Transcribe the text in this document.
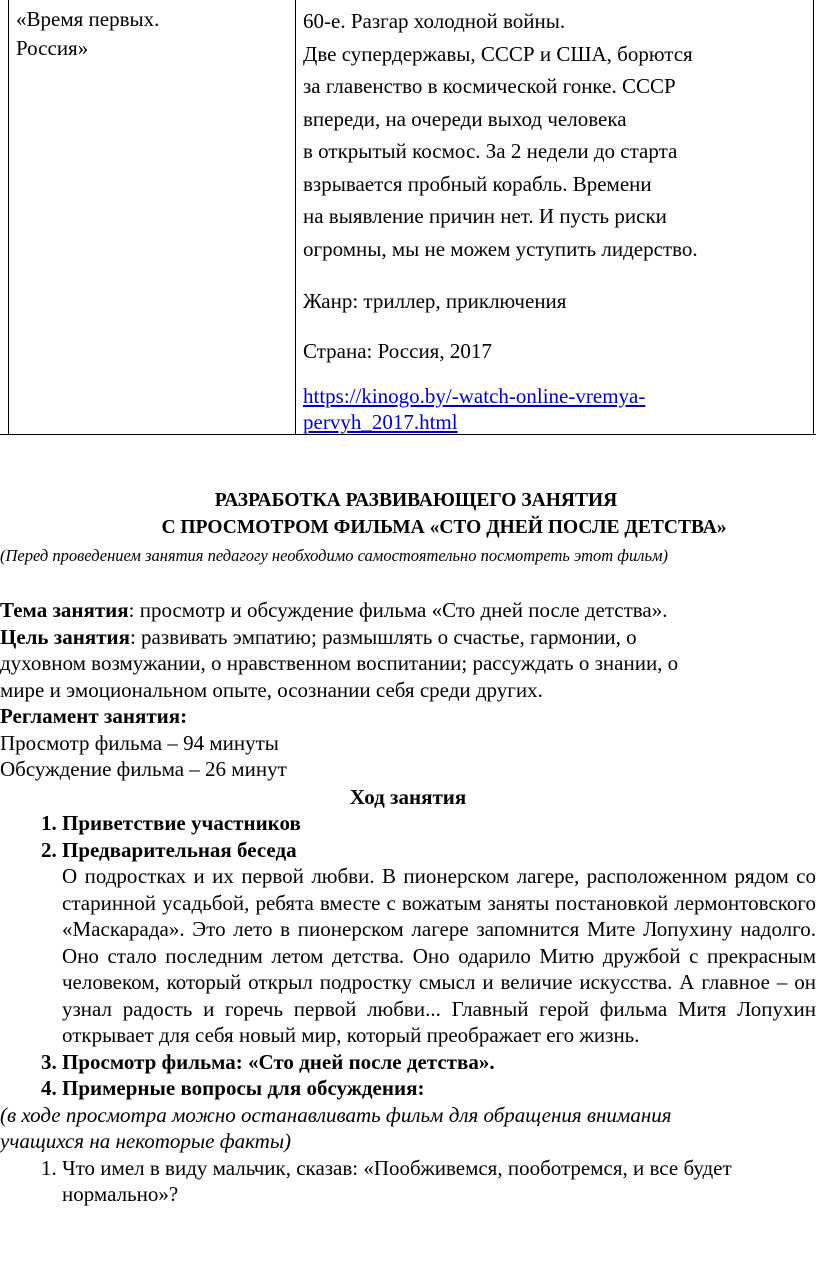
«Время первых.
Россия»
60-е. Разгар холодной войны.
Две супердержавы, СССР и США, борются
за главенство в космической гонке. СССР
впереди, на очереди выход человека
в открытый космос. За 2 недели до старта
взрывается пробный корабль. Времени
на выявление причин нет. И пусть риски
огромны, мы не можем уступить лидерство.
Жанр: триллер, приключения
Страна: Россия, 2017
https://kinogo.by/-watch-online-vremya-
pervyh_2017.html
РАЗРАБОТКА РАЗВИВАЮЩЕГО ЗАНЯТИЯ
С ПРОСМОТРОМ ФИЛЬМА «СТО ДНЕЙ ПОСЛЕ ДЕТСТВА»
(Перед проведением занятия педагогу необходимо самостоятельно посмотреть этот фильм)
Тема занятия: просмотр и обсуждение фильма «Сто дней после детства».
Цель занятия: развивать эмпатию; размышлять о счастье, гармонии, о
духовном возмужании, о нравственном воспитании; рассуждать о знании, о
мире и эмоциональном опыте, осознании себя среди других.
Регламент занятия:
Просмотр фильма – 94 минуты
Обсуждение фильма – 26 минут
Ход занятия
1. Приветствие участников
2. Предварительная беседа
О подростках и их первой любви. В пионерском лагере, расположенном рядом со старинной усадьбой, ребята вместе с вожатым заняты постановкой лермонтовского «Маскарада». Это лето в пионерском лагере запомнится Мите Лопухину надолго. Оно стало последним летом детства. Оно одарило Митю дружбой с прекрасным человеком, который открыл подростку смысл и величие искусства. А главное – он узнал радость и горечь первой любви... Главный герой фильма Митя Лопухин открывает для себя новый мир, который преображает его жизнь.
3. Просмотр фильма: «Сто дней после детства».
4. Примерные вопросы для обсуждения:
(в ходе просмотра можно останавливать фильм для обращения внимания
учащихся на некоторые факты)
1. Что имел в виду мальчик, сказав: «Пообживемся, пооботремся, и все будет нормально»?
